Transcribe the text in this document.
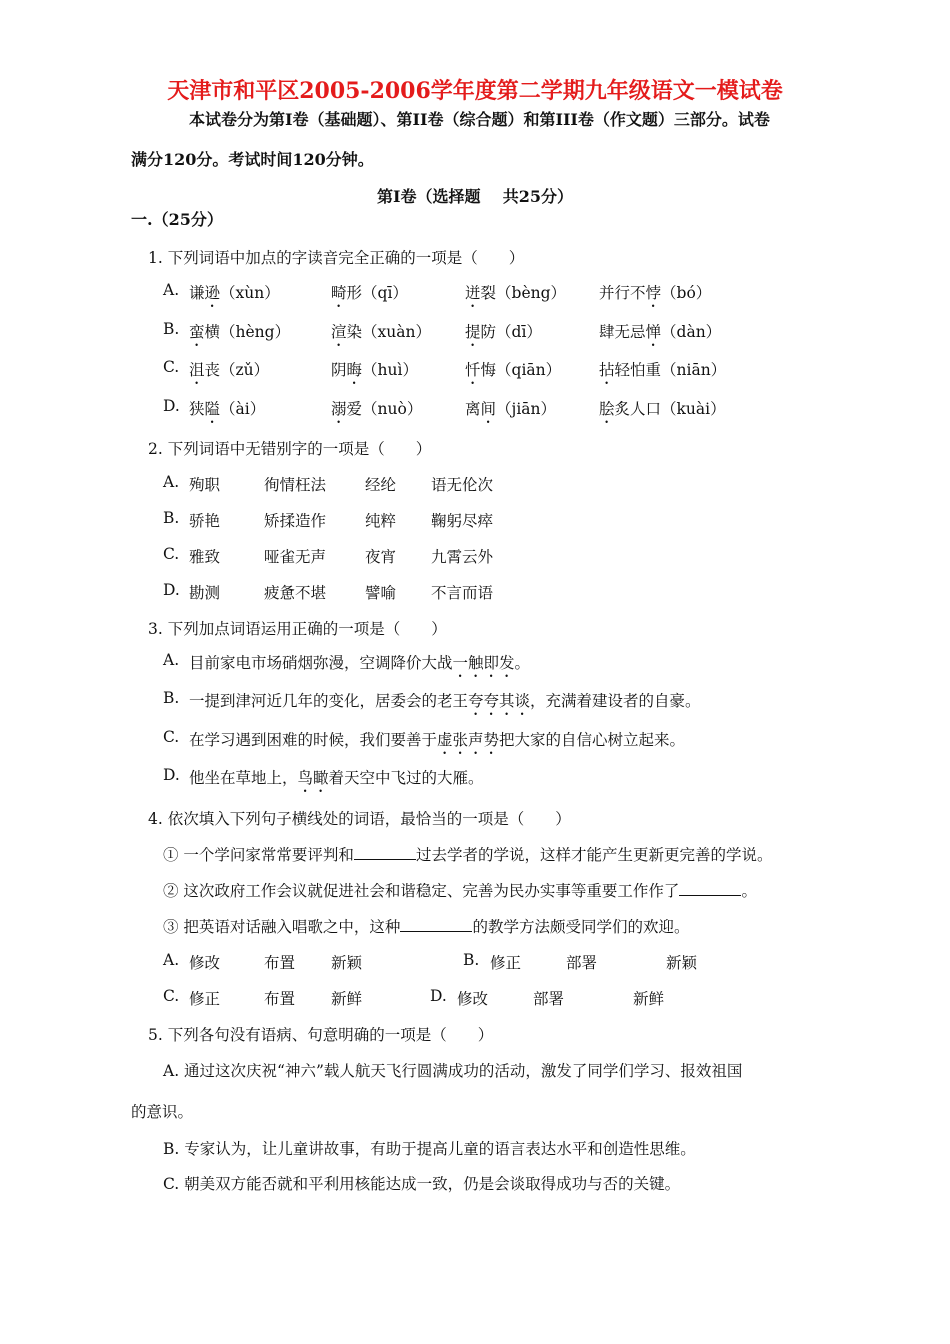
天津市和平区2005-2006学年度第二学期九年级语文一模试卷
本试卷分为第Ⅰ卷（基础题）、第II卷（综合题）和第III卷（作文题）三部分。试卷
满分120分。考试时间120分钟。
第Ⅰ卷（选择题    共25分）
一.（25分）
1. 下列词语中加点的字读音完全正确的一项是（　　）
A. 谦逊（xùn）	畸形（qī）	迸裂（bèng） 并行不悖（bó）
B. 蛮横（hèng）	渲染（xuàn） 提防（dī）	肆无忌惮（dàn）
C. 沮丧（zǔ）	阴晦（huì）	忏悔（qiān） 拈轻怕重（niān）
D. 狭隘（ài）	溺爱（nuò）	离间（jiān）	脍炙人口（kuài）
2. 下列词语中无错别字的一项是（　　）
A. 殉职	徇情枉法	经纶 语无伦次
B. 骄艳	矫揉造作	纯粹 鞠躬尽瘁
C. 雅致	哑雀无声	夜宵 九霄云外
D. 勘测	疲惫不堪	譬喻 不言而语
3. 下列加点词语运用正确的一项是（　　）
A. 目前家电市场硝烟弥漫，空调降价大战一触即发。
B. 一提到津河近几年的变化，居委会的老王夸夸其谈，充满着建设者的自豪。
C. 在学习遇到困难的时候，我们要善于虚张声势把大家的自信心树立起来。
D. 他坐在草地上，鸟瞰着天空中飞过的大雁。
4. 依次填入下列句子横线处的词语，最恰当的一项是（　　）
① 一个学问家常常要评判和	过去学者的学说，这样才能产生更新更完善的学说。
② 这次政府工作会议就促进社会和谐稳定、完善为民办实事等重要工作作了	。
③ 把英语对话融入唱歌之中，这种	的教学方法颇受同学们的欢迎。
A. 修改	布置 新颖	B. 修正	部署	新颖
C. 修正	布置 新鲜	D. 修改	部署	新鲜
5. 下列各句没有语病、句意明确的一项是（　　）
A. 通过这次庆祝“神六”载人航天飞行圆满成功的活动，激发了同学们学习、报效祖国
的意识。
B. 专家认为，让儿童讲故事，有助于提高儿童的语言表达水平和创造性思维。
C. 朝美双方能否就和平利用核能达成一致，仍是会谈取得成功与否的关键。
